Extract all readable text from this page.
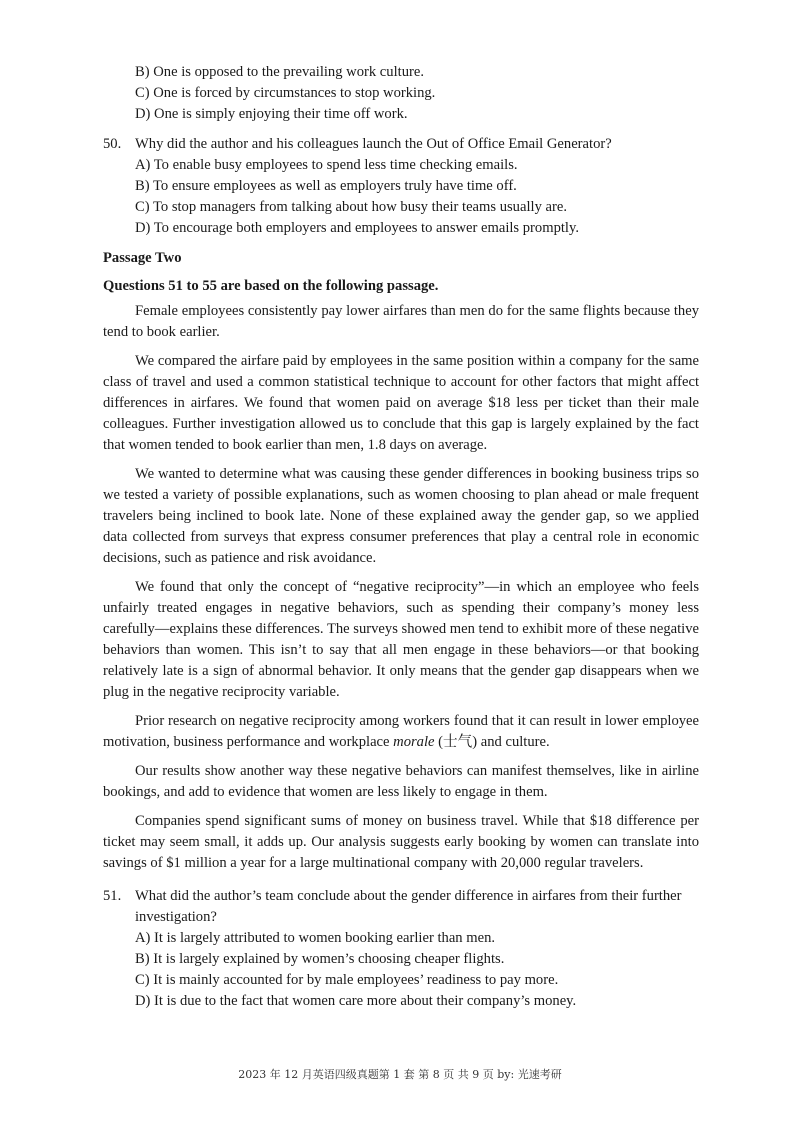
B) One is opposed to the prevailing work culture.

C) One is forced by circumstances to stop working.

D) One is simply enjoying their time off work.

50. Why did the author and his colleagues launch the Out of Office Email Generator?

A) To enable busy employees to spend less time checking emails.

B) To ensure employees as well as employers truly have time off.

C) To stop managers from talking about how busy their teams usually are.

D) To encourage both employers and employees to answer emails promptly.

Passage Two

Questions 51 to 55 are based on the following passage.

Female employees consistently pay lower airfares than men do for the same flights because they tend to book earlier.

We compared the airfare paid by employees in the same position within a company for the same class of travel and used a common statistical technique to account for other factors that might affect differences in airfares. We found that women paid on average $18 less per ticket than their male colleagues. Further investigation allowed us to conclude that this gap is largely explained by the fact that women tended to book earlier than men, 1.8 days on average.

We wanted to determine what was causing these gender differences in booking business trips so we tested a variety of possible explanations, such as women choosing to plan ahead or male frequent travelers being inclined to book late. None of these explained away the gender gap, so we applied data collected from surveys that express consumer preferences that play a central role in economic decisions, such as patience and risk avoidance.

We found that only the concept of “negative reciprocity”—in which an employee who feels unfairly treated engages in negative behaviors, such as spending their company’s money less carefully—explains these differences. The surveys showed men tend to exhibit more of these negative behaviors than women. This isn’t to say that all men engage in these behaviors—or that booking relatively late is a sign of abnormal behavior. It only means that the gender gap disappears when we plug in the negative reciprocity variable.

Prior research on negative reciprocity among workers found that it can result in lower employee motivation, business performance and workplace morale (士气) and culture.

Our results show another way these negative behaviors can manifest themselves, like in airline bookings, and add to evidence that women are less likely to engage in them.

Companies spend significant sums of money on business travel. While that $18 difference per ticket may seem small, it adds up. Our analysis suggests early booking by women can translate into savings of $1 million a year for a large multinational company with 20,000 regular travelers.

51. What did the author’s team conclude about the gender difference in airfares from their further investigation?

A) It is largely attributed to women booking earlier than men.

B) It is largely explained by women’s choosing cheaper flights.

C) It is mainly accounted for by male employees’ readiness to pay more.

D) It is due to the fact that women care more about their company’s money.

2023 年 12 月英语四级真题第 1 套 第 8 页 共 9 页 by: 光速考研
